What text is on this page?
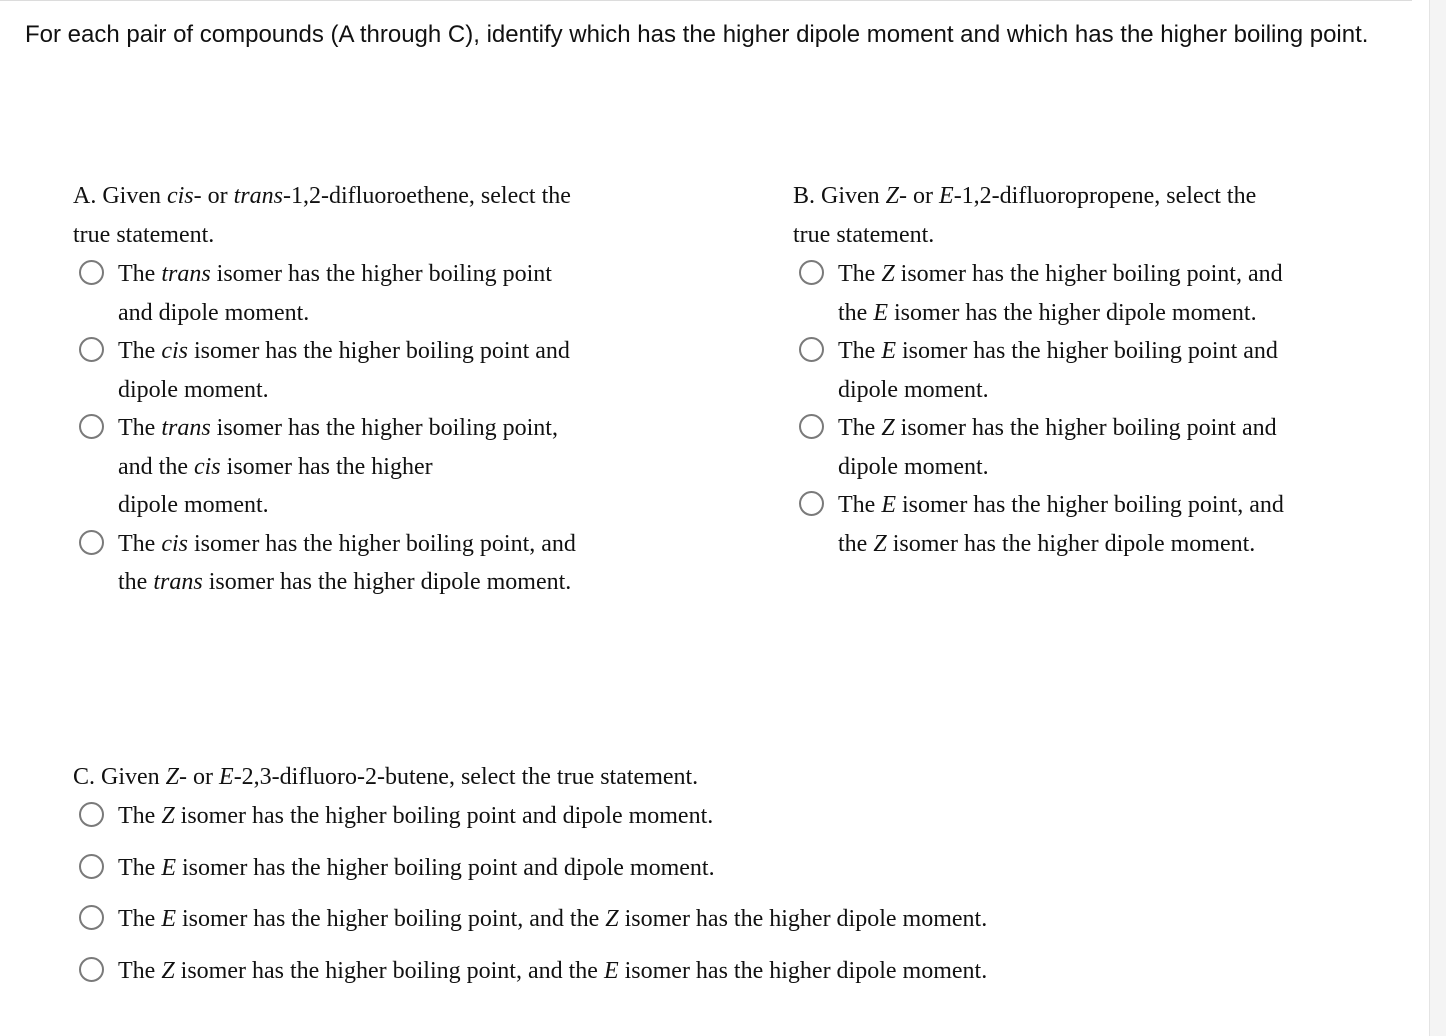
For each pair of compounds (A through C), identify which has the higher dipole moment and which has the higher boiling point.

A. Given cis- or trans-1,2-difluoroethene, select the
true statement.

The trans isomer has the higher boiling point
and dipole moment.
The cis isomer has the higher boiling point and
dipole moment.
The trans isomer has the higher boiling point,
and the cis isomer has the higher
dipole moment.
The cis isomer has the higher boiling point, and
the trans isomer has the higher dipole moment.

B. Given Z- or E-1,2-difluoropropene, select the
true statement.

The Z isomer has the higher boiling point, and
the E isomer has the higher dipole moment.
The E isomer has the higher boiling point and
dipole moment.
The Z isomer has the higher boiling point and
dipole moment.
The E isomer has the higher boiling point, and
the Z isomer has the higher dipole moment.

C. Given Z- or E-2,3-difluoro-2-butene, select the true statement.

The Z isomer has the higher boiling point and dipole moment.
The E isomer has the higher boiling point and dipole moment.
The E isomer has the higher boiling point, and the Z isomer has the higher dipole moment.
The Z isomer has the higher boiling point, and the E isomer has the higher dipole moment.
